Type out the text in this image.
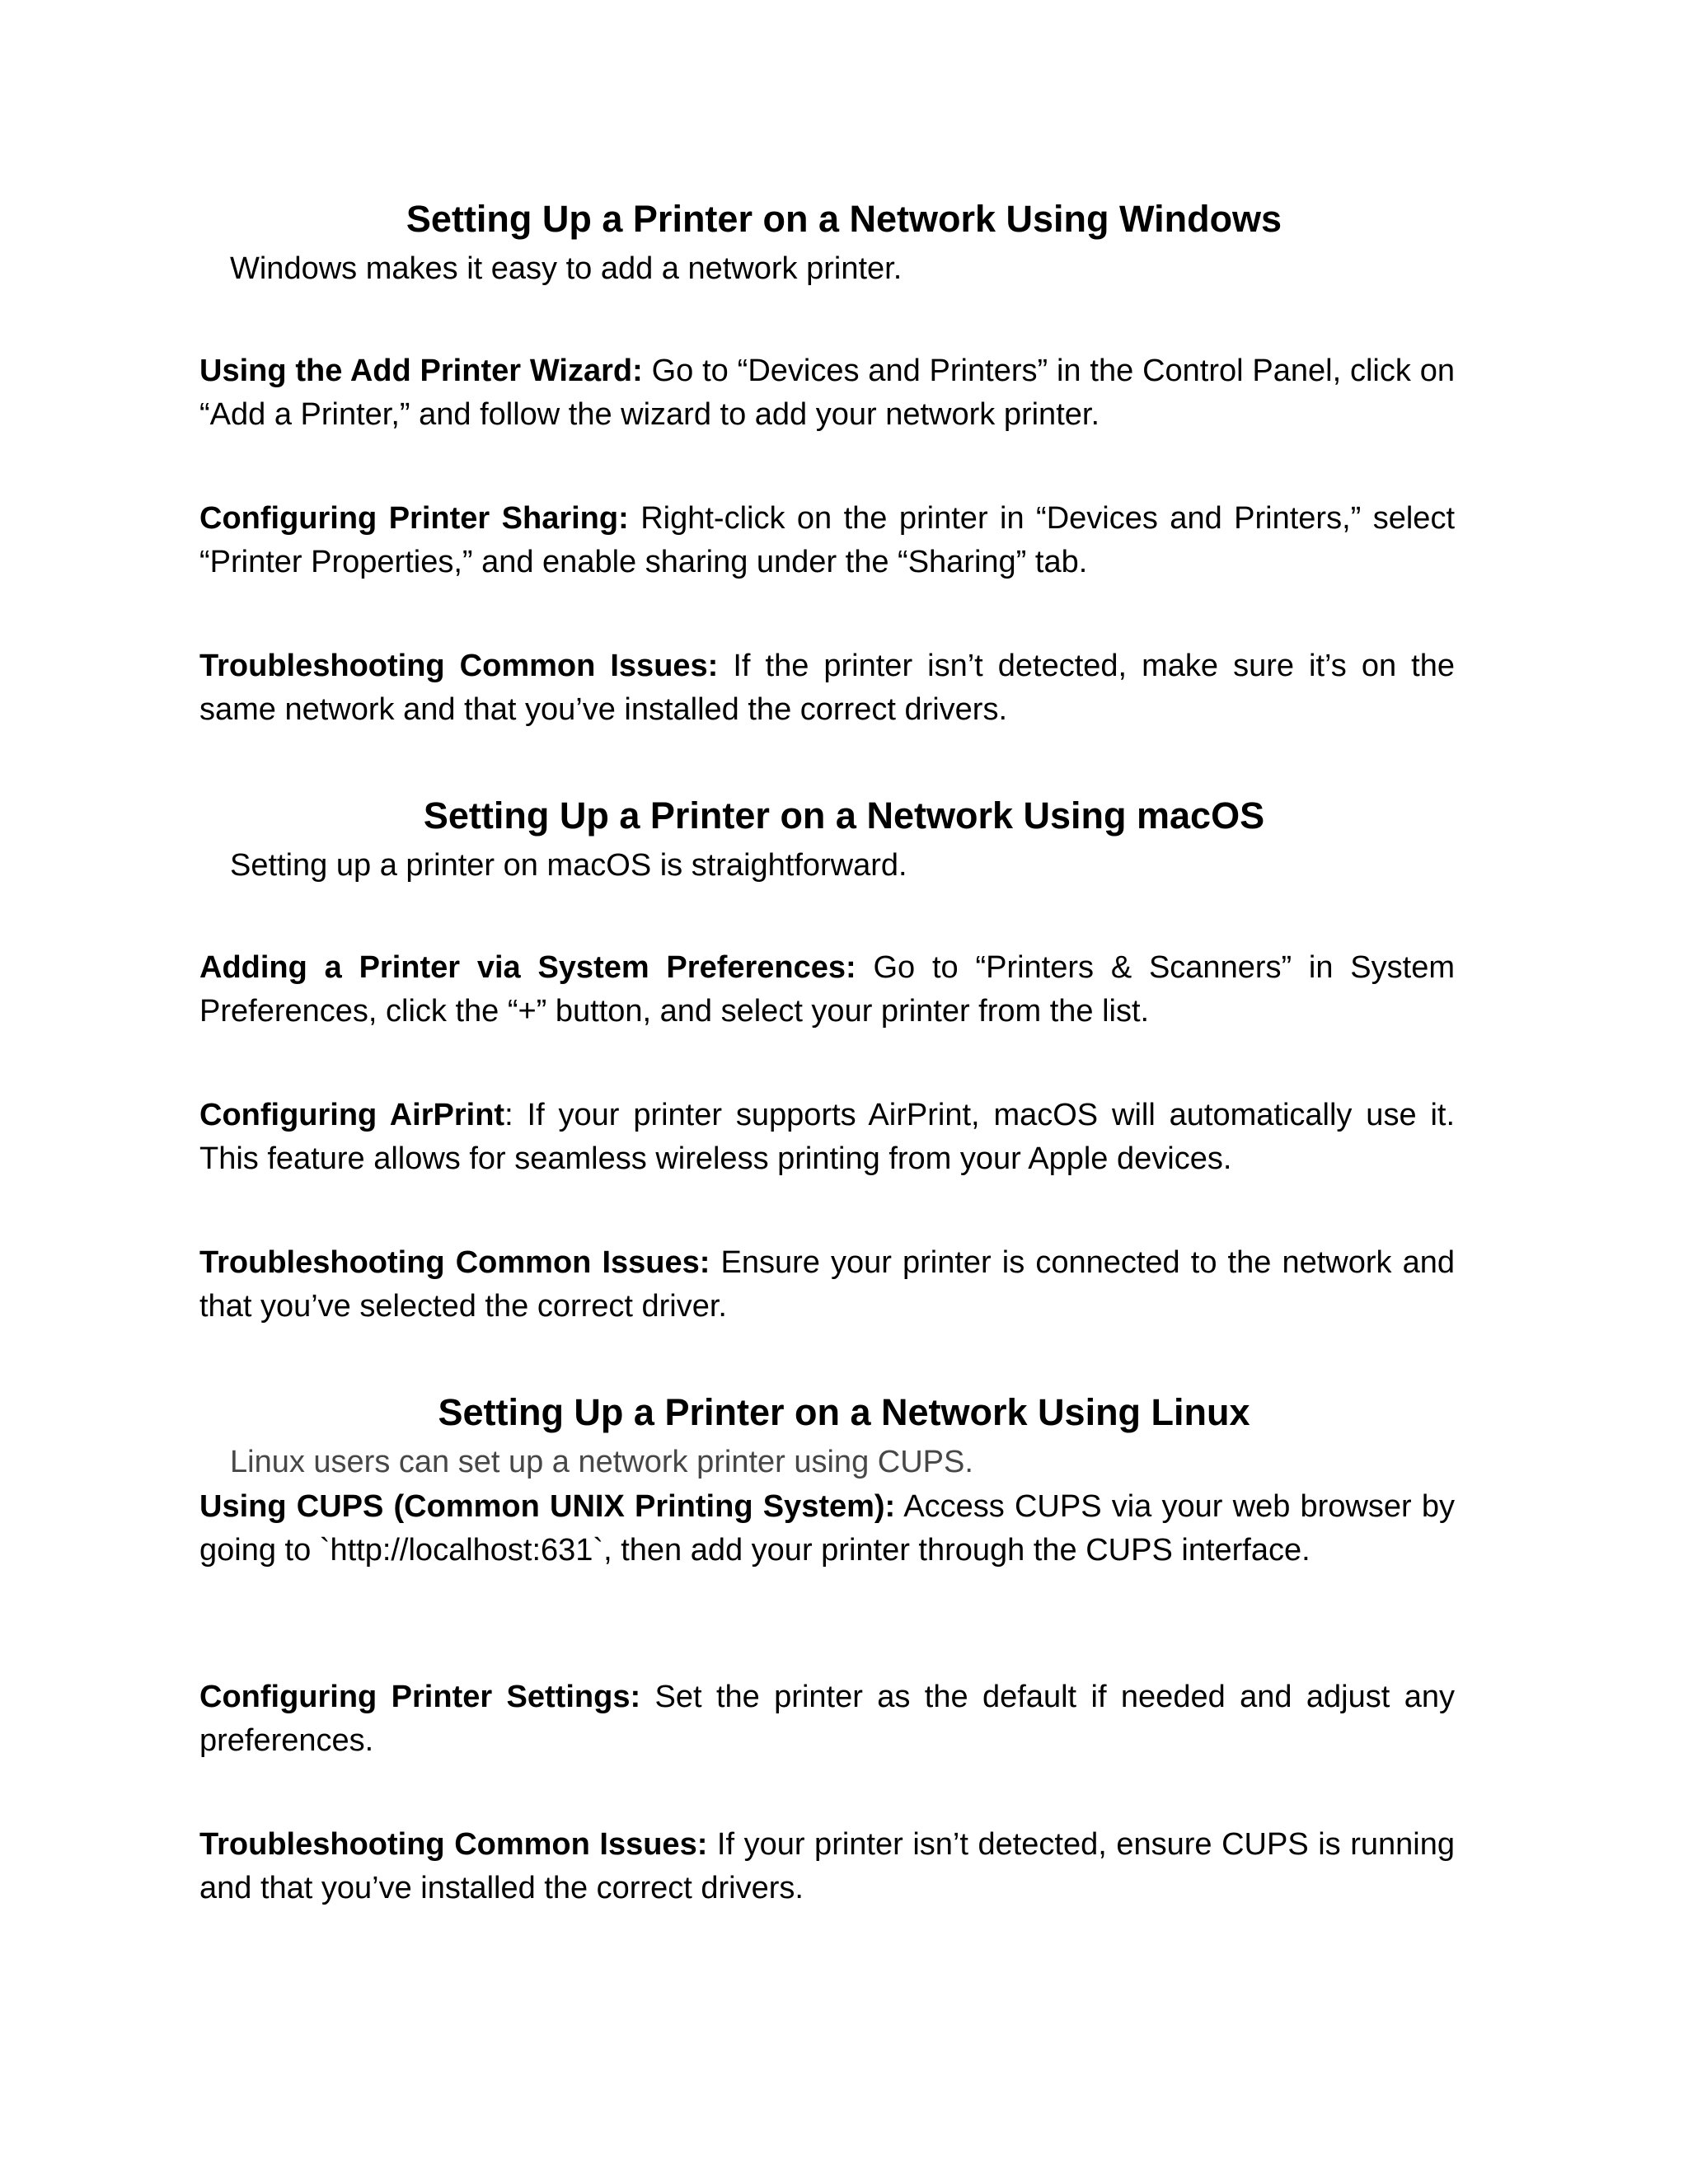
Setting Up a Printer on a Network Using Windows

Windows makes it easy to add a network printer.

Using the Add Printer Wizard: Go to “Devices and Printers” in the Control Panel, click on “Add a Printer,” and follow the wizard to add your network printer.

Configuring Printer Sharing: Right-click on the printer in “Devices and Printers,” select “Printer Properties,” and enable sharing under the “Sharing” tab.

Troubleshooting Common Issues: If the printer isn’t detected, make sure it’s on the same network and that you’ve installed the correct drivers.

Setting Up a Printer on a Network Using macOS

Setting up a printer on macOS is straightforward.

Adding a Printer via System Preferences: Go to “Printers & Scanners” in System Preferences, click the “+” button, and select your printer from the list.

Configuring AirPrint: If your printer supports AirPrint, macOS will automatically use it. This feature allows for seamless wireless printing from your Apple devices.

Troubleshooting Common Issues: Ensure your printer is connected to the network and that you’ve selected the correct driver.

Setting Up a Printer on a Network Using Linux

Linux users can set up a network printer using CUPS.

Using CUPS (Common UNIX Printing System): Access CUPS via your web browser by going to `http://localhost:631`, then add your printer through the CUPS interface.

Configuring Printer Settings: Set the printer as the default if needed and adjust any preferences.

Troubleshooting Common Issues: If your printer isn’t detected, ensure CUPS is running and that you’ve installed the correct drivers.
